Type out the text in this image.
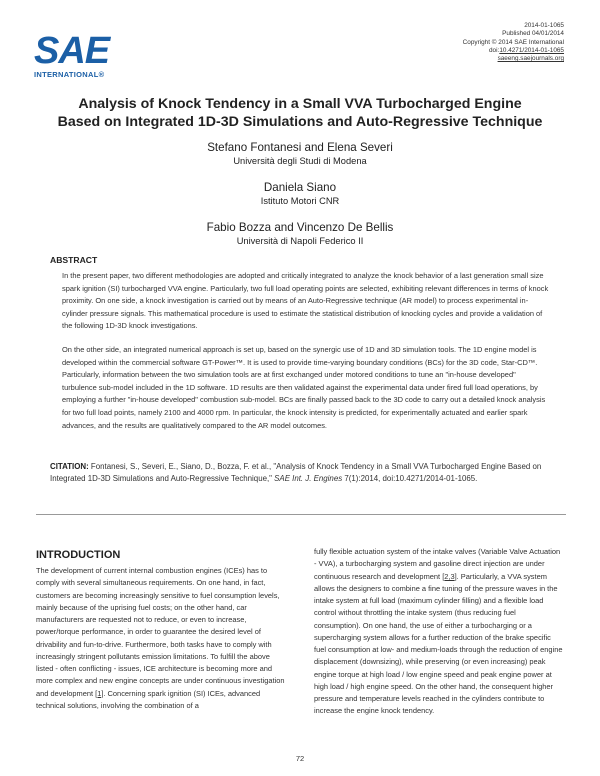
SAE
INTERNATIONAL®
2014-01-1065
Published 04/01/2014
Copyright © 2014 SAE International
doi:10.4271/2014-01-1065
saeeng.saejournals.org
Analysis of Knock Tendency in a Small VVA Turbocharged Engine
Based on Integrated 1D-3D Simulations and Auto-Regressive Technique
Stefano Fontanesi and Elena Severi
Università degli Studi di Modena
Daniela Siano
Istituto Motori CNR
Fabio Bozza and Vincenzo De Bellis
Università di Napoli Federico II
ABSTRACT

In the present paper, two different methodologies are adopted and critically integrated to analyze the knock behavior of a last generation small size spark ignition (SI) turbocharged VVA engine. Particularly, two full load operating points are selected, exhibiting relevant differences in terms of knock proximity. On one side, a knock investigation is carried out by means of an Auto-Regressive technique (AR model) to process experimental in-cylinder pressure signals. This mathematical procedure is used to estimate the statistical distribution of knocking cycles and provide a validation of the following 1D-3D knock investigations.

On the other side, an integrated numerical approach is set up, based on the synergic use of 1D and 3D simulation tools. The 1D engine model is developed within the commercial software GT-Power™. It is used to provide time-varying boundary conditions (BCs) for the 3D code, Star-CD™. Particularly, information between the two simulation tools are at first exchanged under motored conditions to tune an "in-house developed" turbulence sub-model included in the 1D software. 1D results are then validated against the experimental data under fired full load operations, by employing a further "in-house developed" combustion sub-model. BCs are finally passed back to the 3D code to carry out a detailed knock analysis for two full load points, namely 2100 and 4000 rpm. In particular, the knock intensity is predicted, for experimentally actuated and earlier spark advances, and the results are qualitatively compared to the AR model outcomes.

CITATION: Fontanesi, S., Severi, E., Siano, D., Bozza, F. et al., "Analysis of Knock Tendency in a Small VVA Turbocharged Engine Based on Integrated 1D-3D Simulations and Auto-Regressive Technique," SAE Int. J. Engines 7(1):2014, doi:10.4271/2014-01-1065.
INTRODUCTION
The development of current internal combustion engines (ICEs) has to comply with several simultaneous requirements. On one hand, in fact, customers are becoming increasingly sensitive to fuel consumption levels, mainly because of the uprising fuel costs; on the other hand, car manufacturers are requested not to reduce, or even to increase, power/torque performance, in order to guarantee the desired level of drivability and fun-to-drive. Furthermore, both tasks have to comply with increasingly stringent pollutants emission limitations. To fulfill the above listed - often conflicting - issues, ICE architecture is becoming more and more complex and new engine concepts are under continuous investigation and development [1]. Concerning spark ignition (SI) ICEs, advanced technical solutions, involving the combination of a
fully flexible actuation system of the intake valves (Variable Valve Actuation - VVA), a turbocharging system and gasoline direct injection are under continuous research and development [2,3]. Particularly, a VVA system allows the designers to combine a fine tuning of the pressure waves in the intake system at full load (maximum cylinder filling) and a flexible load control without throttling the intake system (thus reducing fuel consumption). On one hand, the use of either a turbocharging or a supercharging system allows for a further reduction of the brake specific fuel consumption at low- and medium-loads through the reduction of engine displacement (downsizing), while preserving (or even increasing) peak engine torque at high load / low engine speed and peak engine power at high load / high engine speed. On the other hand, the consequent higher pressure and temperature levels reached in the cylinders contribute to increase the engine knock tendency.
72
